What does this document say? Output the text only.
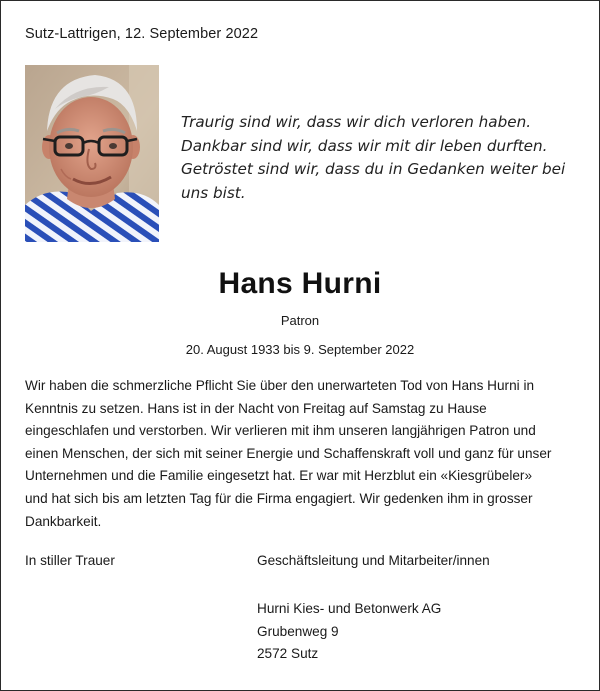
Sutz-Lattrigen, 12. September 2022
Traurig sind wir, dass wir dich verloren haben.
Dankbar sind wir, dass wir mit dir leben durften.
Getröstet sind wir, dass du in Gedanken weiter bei
uns bist.
Hans Hurni
Patron
20. August 1933 bis 9. September 2022
Wir haben die schmerzliche Pflicht Sie über den unerwarteten Tod von Hans Hurni in
Kenntnis zu setzen. Hans ist in der Nacht von Freitag auf Samstag zu Hause
eingeschlafen und verstorben. Wir verlieren mit ihm unseren langjährigen Patron und
einen Menschen, der sich mit seiner Energie und Schaffenskraft voll und ganz für unser
Unternehmen und die Familie eingesetzt hat. Er war mit Herzblut ein «Kiesgrübeler»
und hat sich bis am letzten Tag für die Firma engagiert. Wir gedenken ihm in grosser
Dankbarkeit.
In stiller Trauer	Geschäftsleitung und Mitarbeiter/innen
Hurni Kies- und Betonwerk AG
Grubenweg 9
2572 Sutz
